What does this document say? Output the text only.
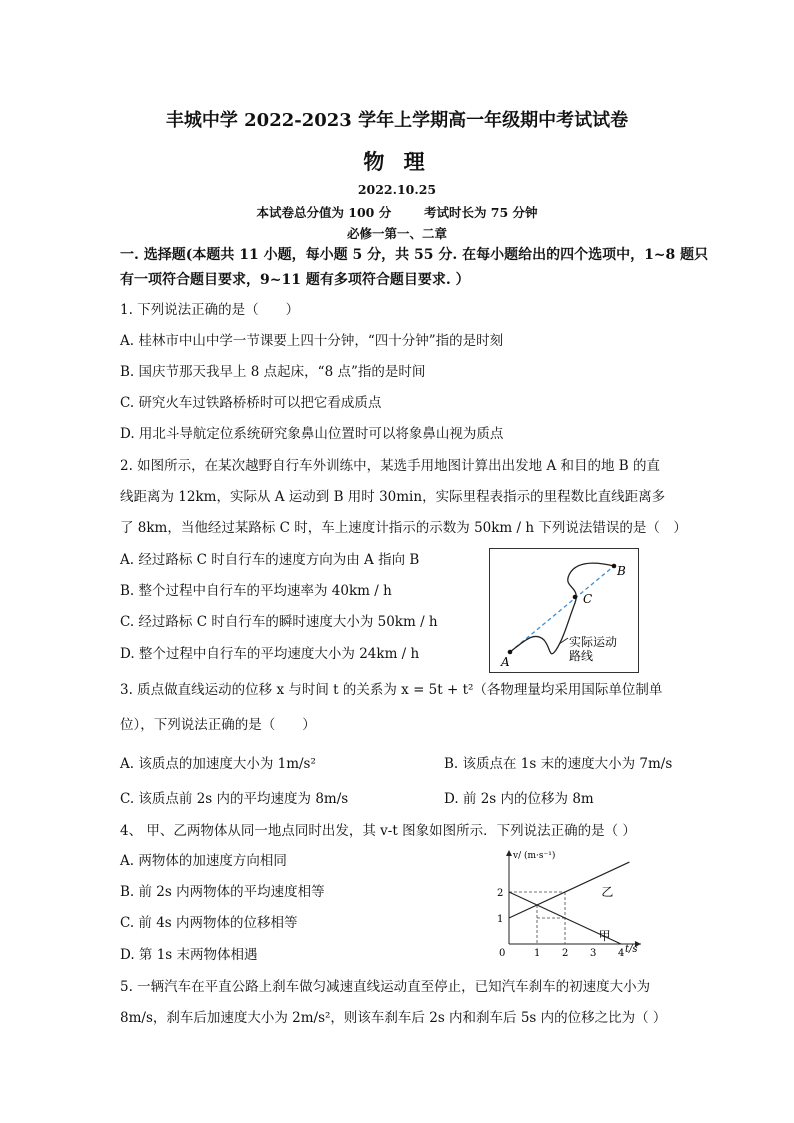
丰城中学 2022-2023 学年上学期高一年级期中考试试卷
物 理
2022.10.25
本试卷总分值为 100 分	考试时长为 75 分钟
必修一第一、二章
一. 选择题(本题共 11 小题，每小题 5 分，共 55 分. 在每小题给出的四个选项中，1~8 题只
有一项符合题目要求，9~11 题有多项符合题目要求. ）
1. 下列说法正确的是（　　）
A. 桂林市中山中学一节课要上四十分钟，“四十分钟”指的是时刻
B. 国庆节那天我早上 8 点起床，“8 点”指的是时间
C. 研究火车过铁路桥桥时可以把它看成质点
D. 用北斗导航定位系统研究象鼻山位置时可以将象鼻山视为质点
2. 如图所示，在某次越野自行车外训练中，某选手用地图计算出出发地 A 和目的地 B 的直
线距离为 12km，实际从 A 运动到 B 用时 30min，实际里程表指示的里程数比直线距离多
了 8km，当他经过某路标 C 时，车上速度计指示的示数为 50km / h 下列说法错误的是（　）
A. 经过路标 C 时自行车的速度方向为由 A 指向 B
B. 整个过程中自行车的平均速率为 40km / h
C. 经过路标 C 时自行车的瞬时速度大小为 50km / h
D. 整个过程中自行车的平均速度大小为 24km / h	A
C
B
实际运动
路线
3. 质点做直线运动的位移 x 与时间 t 的关系为 x = 5t + t²（各物理量均采用国际单位制单
位），下列说法正确的是（　　）
A. 该质点的加速度大小为 1m/s²	B. 该质点在 1s 末的速度大小为 7m/s
C. 该质点前 2s 内的平均速度为 8m/s	D. 前 2s 内的位移为 8m
4、 甲、乙两物体从同一地点同时出发，其 v-t 图象如图所示．下列说法正确的是（ ）
A. 两物体的加速度方向相同
B. 前 2s 内两物体的平均速度相等
C. 前 4s 内两物体的位移相等
D. 第 1s 末两物体相遇
乙
甲
0	1 2 3 4
1
2
v/ (m·s⁻¹)
t/s
5. 一辆汽车在平直公路上刹车做匀减速直线运动直至停止，已知汽车刹车的初速度大小为
8m/s，刹车后加速度大小为 2m/s²，则该车刹车后 2s 内和刹车后 5s 内的位移之比为（ ）
